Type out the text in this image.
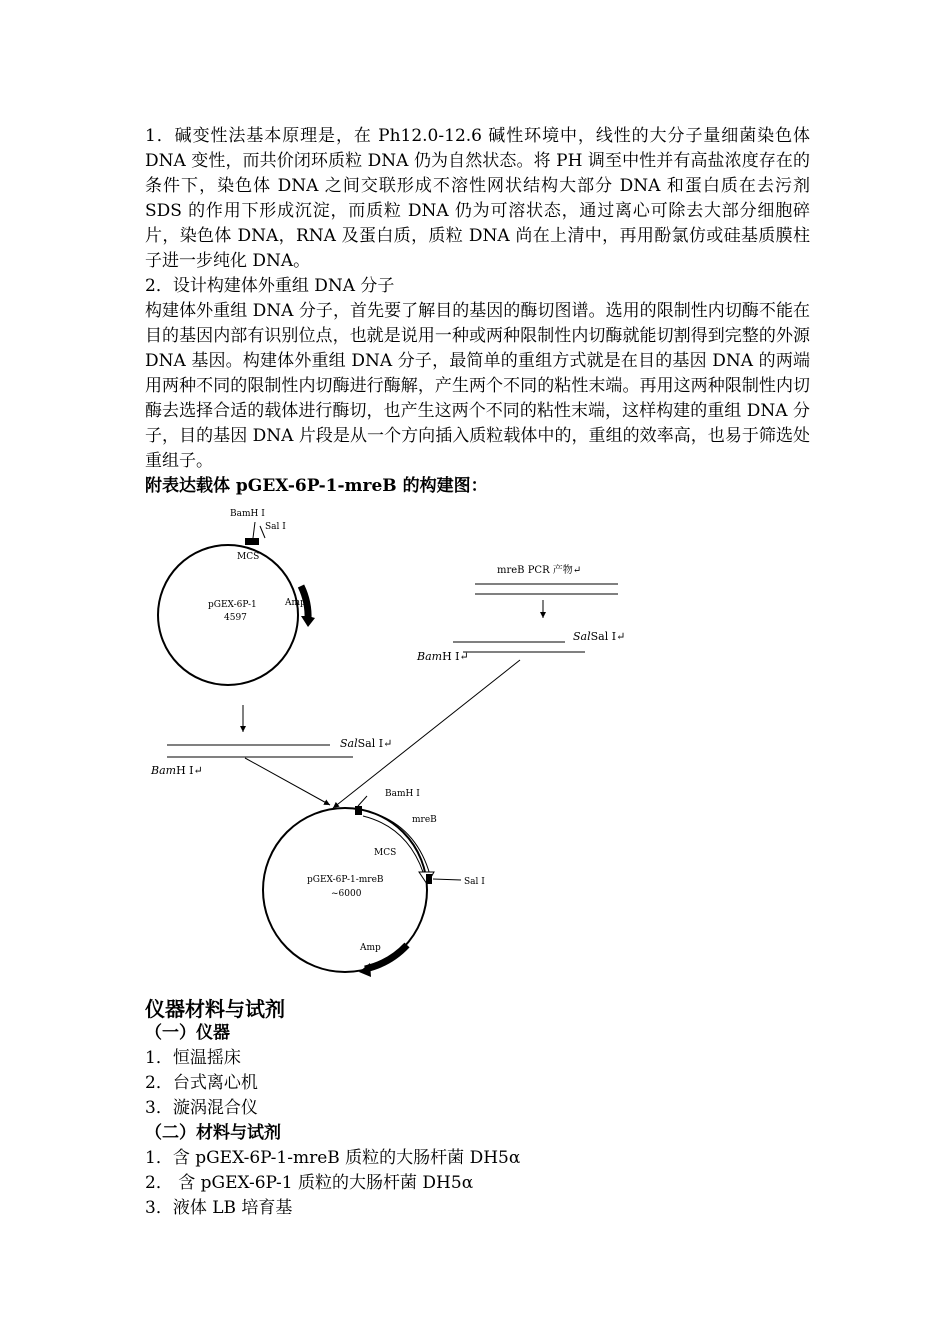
1．碱变性法基本原理是，在 Ph12.0-12.6 碱性环境中，线性的大分子量细菌染色体 DNA 变性，而共价闭环质粒 DNA 仍为自然状态。将 PH 调至中性并有高盐浓度存在的条件下，染色体 DNA 之间交联形成不溶性网状结构大部分 DNA 和蛋白质在去污剂 SDS 的作用下形成沉淀，而质粒 DNA 仍为可溶状态，通过离心可除去大部分细胞碎片，染色体 DNA，RNA 及蛋白质，质粒 DNA 尚在上清中，再用酚氯仿或硅基质膜柱子进一步纯化 DNA。

2．设计构建体外重组 DNA 分子

构建体外重组 DNA 分子，首先要了解目的基因的酶切图谱。选用的限制性内切酶不能在目的基因内部有识别位点，也就是说用一种或两种限制性内切酶就能切割得到完整的外源 DNA 基因。构建体外重组 DNA 分子，最简单的重组方式就是在目的基因 DNA 的两端用两种不同的限制性内切酶进行酶解，产生两个不同的粘性末端。再用这两种限制性内切酶去选择合适的载体进行酶切，也产生这两个不同的粘性末端，这样构建的重组 DNA 分子，目的基因 DNA 片段是从一个方向插入质粒载体中的，重组的效率高，也易于筛选处重组子。

附表达载体 pGEX-6P-1-mreB 的构建图：
BamH Ⅰ
Sal Ⅰ
MCS
Amp
pGEX-6P-1
4597
SalSal Ⅰ↵
BamH Ⅰ↵
mreB PCR 产物↵
SalSal Ⅰ↵
BamH Ⅰ↵
BamH Ⅰ
mreB
MCS
pGEX-6P-1-mreB
~6000
Sal Ⅰ
Amp
仪器材料与试剂
（一）仪器
1．恒温摇床
2．台式离心机
3．漩涡混合仪
（二）材料与试剂
1．含 pGEX-6P-1-mreB 质粒的大肠杆菌 DH5α
2． 含 pGEX-6P-1 质粒的大肠杆菌 DH5α
3．液体 LB 培育基
